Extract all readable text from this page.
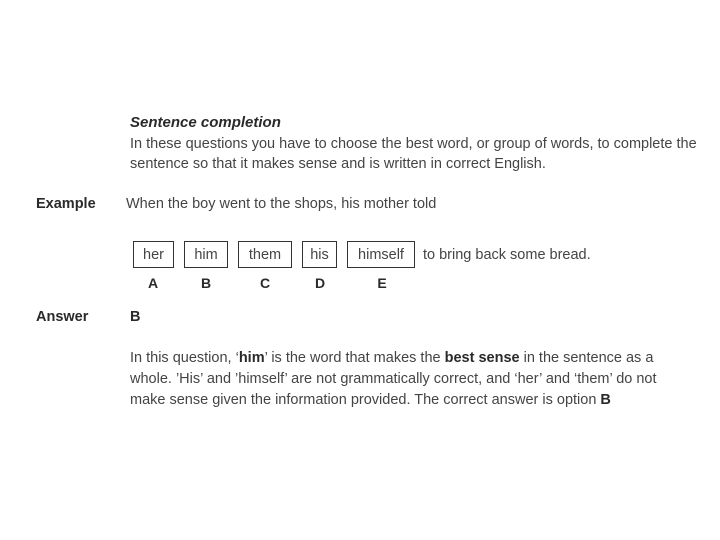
Sentence completion
In these questions you have to choose the best word, or group of words, to complete the sentence so that it makes sense and is written in correct English.
Example When the boy went to the shops, his mother told
her	him	them	his	himself	to bring back some bread.
A	B	C	D	E
Answer	B
In this question, ‘him’ is the word that makes the best sense in the sentence as a whole. ’His’ and ’himself’ are not grammatically correct, and ‘her’ and ‘them’ do not make sense given the information provided. The correct answer is option B
